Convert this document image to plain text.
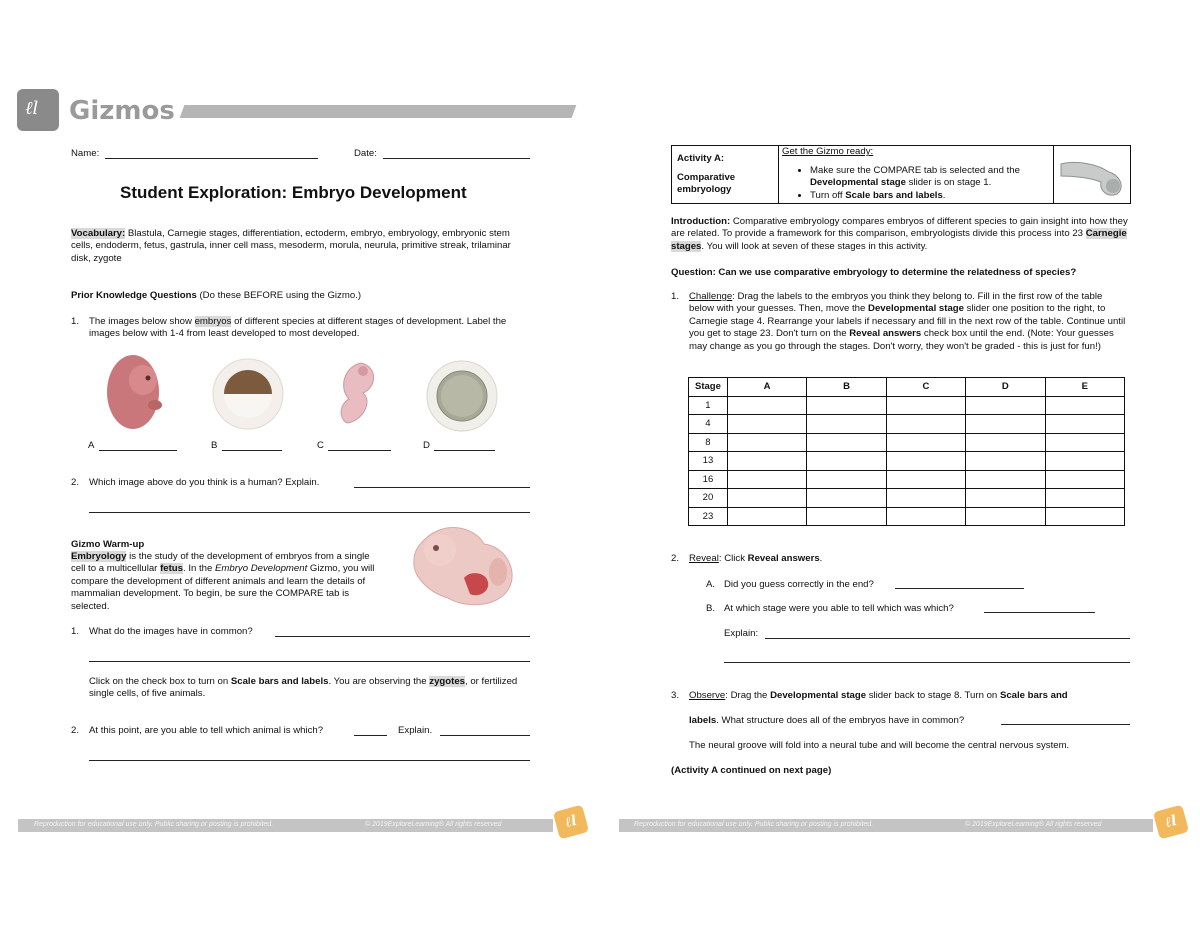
ℓl Gizmos
Name:	Date:
Student Exploration: Embryo Development
Vocabulary: Blastula, Carnegie stages, differentiation, ectoderm, embryo, embryology, embryonic stem cells, endoderm, fetus, gastrula, inner cell mass, mesoderm, morula, neurula, primitive streak, trilaminar disk, zygote
Prior Knowledge Questions (Do these BEFORE using the Gizmo.)
1. The images below show embryos of different species at different stages of development. Label the images below with 1-4 from least developed to most developed.
A	B	C	D
2. Which image above do you think is a human? Explain.
Gizmo Warm-up
Embryology is the study of the development of embryos from a single cell to a multicellular fetus. In the Embryo Development Gizmo, you will compare the development of different animals and learn the details of mammalian development. To begin, be sure the COMPARE tab is selected.
1. What do the images have in common?
Click on the check box to turn on Scale bars and labels. You are observing the zygotes, or fertilized single cells, of five animals.
2. At this point, are you able to tell which animal is which?	Explain.
Reproduction for educational use only. Public sharing or posting is prohibited.	© 2019ExploreLearning® All rights reserved	ℓl
Activity A:
Comparative embryology
Get the Gizmo ready:
• Make sure the COMPARE tab is selected and the Developmental stage slider is on stage 1.
• Turn off Scale bars and labels.
Introduction: Comparative embryology compares embryos of different species to gain insight into how they are related. To provide a framework for this comparison, embryologists divide this process into 23 Carnegie stages. You will look at seven of these stages in this activity.
Question: Can we use comparative embryology to determine the relatedness of species?
1. Challenge: Drag the labels to the embryos you think they belong to. Fill in the first row of the table below with your guesses. Then, move the Developmental stage slider one position to the right, to Carnegie stage 4. Rearrange your labels if necessary and fill in the next row of the table. Continue until you get to stage 23. Don't turn on the Reveal answers check box until the end. (Note: Your guesses may change as you go through the stages. Don't worry, they won't be graded - this is just for fun!)
Stage	A	B	C	D	E
1					
4					
8					
13					
16					
20					
23					
2. Reveal: Click Reveal answers.
A. Did you guess correctly in the end?
B. At which stage were you able to tell which was which?
Explain:
3. Observe: Drag the Developmental stage slider back to stage 8. Turn on Scale bars and
labels. What structure does all of the embryos have in common?
The neural groove will fold into a neural tube and will become the central nervous system.
(Activity A continued on next page)
Reproduction for educational use only. Public sharing or posting is prohibited.	© 2019ExploreLearning® All rights reserved	ℓl
